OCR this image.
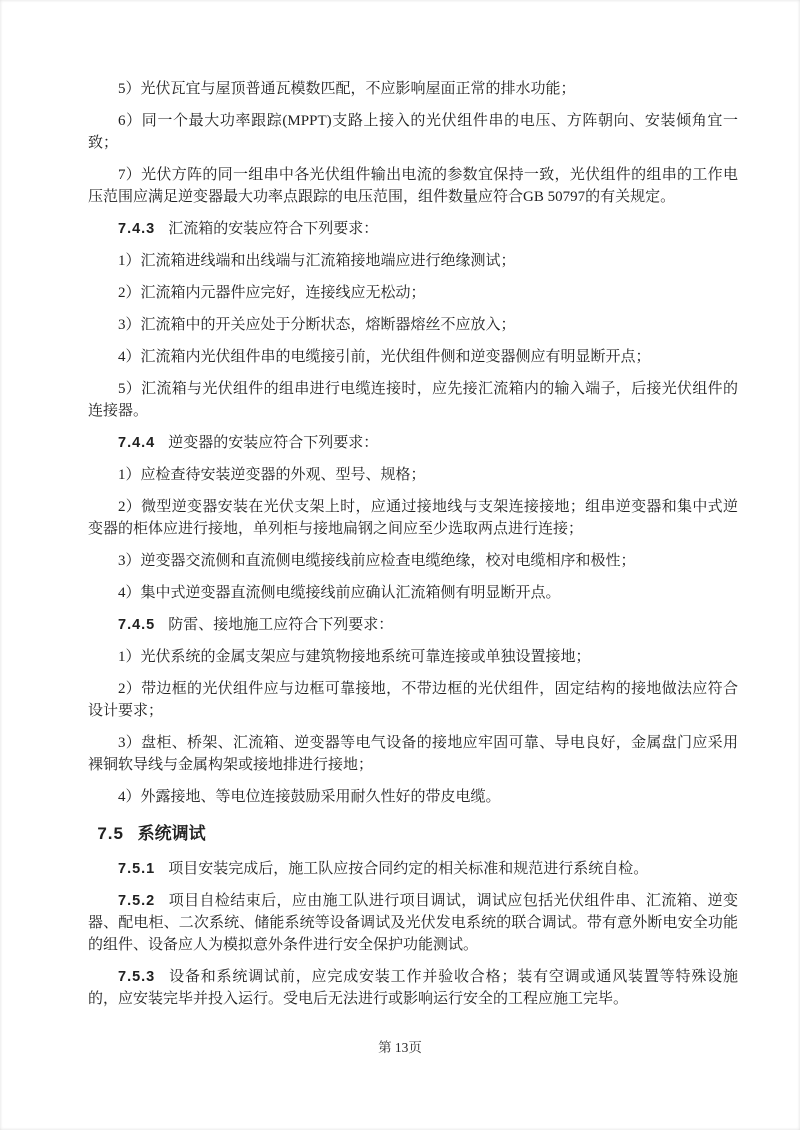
5）光伏瓦宜与屋顶普通瓦模数匹配，不应影响屋面正常的排水功能；

6）同一个最大功率跟踪(MPPT)支路上接入的光伏组件串的电压、方阵朝向、安装倾角宜一致；

7）光伏方阵的同一组串中各光伏组件输出电流的参数宜保持一致，光伏组件的组串的工作电压范围应满足逆变器最大功率点跟踪的电压范围，组件数量应符合GB 50797的有关规定。

7.4.3 汇流箱的安装应符合下列要求：

1）汇流箱进线端和出线端与汇流箱接地端应进行绝缘测试；

2）汇流箱内元器件应完好，连接线应无松动；

3）汇流箱中的开关应处于分断状态，熔断器熔丝不应放入；

4）汇流箱内光伏组件串的电缆接引前，光伏组件侧和逆变器侧应有明显断开点；

5）汇流箱与光伏组件的组串进行电缆连接时，应先接汇流箱内的输入端子，后接光伏组件的连接器。

7.4.4 逆变器的安装应符合下列要求：

1）应检查待安装逆变器的外观、型号、规格；

2）微型逆变器安装在光伏支架上时，应通过接地线与支架连接接地；组串逆变器和集中式逆变器的柜体应进行接地，单列柜与接地扁钢之间应至少选取两点进行连接；

3）逆变器交流侧和直流侧电缆接线前应检查电缆绝缘，校对电缆相序和极性；

4）集中式逆变器直流侧电缆接线前应确认汇流箱侧有明显断开点。

7.4.5 防雷、接地施工应符合下列要求：

1）光伏系统的金属支架应与建筑物接地系统可靠连接或单独设置接地；

2）带边框的光伏组件应与边框可靠接地，不带边框的光伏组件，固定结构的接地做法应符合设计要求；

3）盘柜、桥架、汇流箱、逆变器等电气设备的接地应牢固可靠、导电良好，金属盘门应采用裸铜软导线与金属构架或接地排进行接地；

4）外露接地、等电位连接鼓励采用耐久性好的带皮电缆。

7.5 系统调试

7.5.1 项目安装完成后，施工队应按合同约定的相关标准和规范进行系统自检。

7.5.2 项目自检结束后，应由施工队进行项目调试，调试应包括光伏组件串、汇流箱、逆变器、配电柜、二次系统、储能系统等设备调试及光伏发电系统的联合调试。带有意外断电安全功能的组件、设备应人为模拟意外条件进行安全保护功能测试。

7.5.3 设备和系统调试前，应完成安装工作并验收合格；装有空调或通风装置等特殊设施的，应安装完毕并投入运行。受电后无法进行或影响运行安全的工程应施工完毕。

第 13页
